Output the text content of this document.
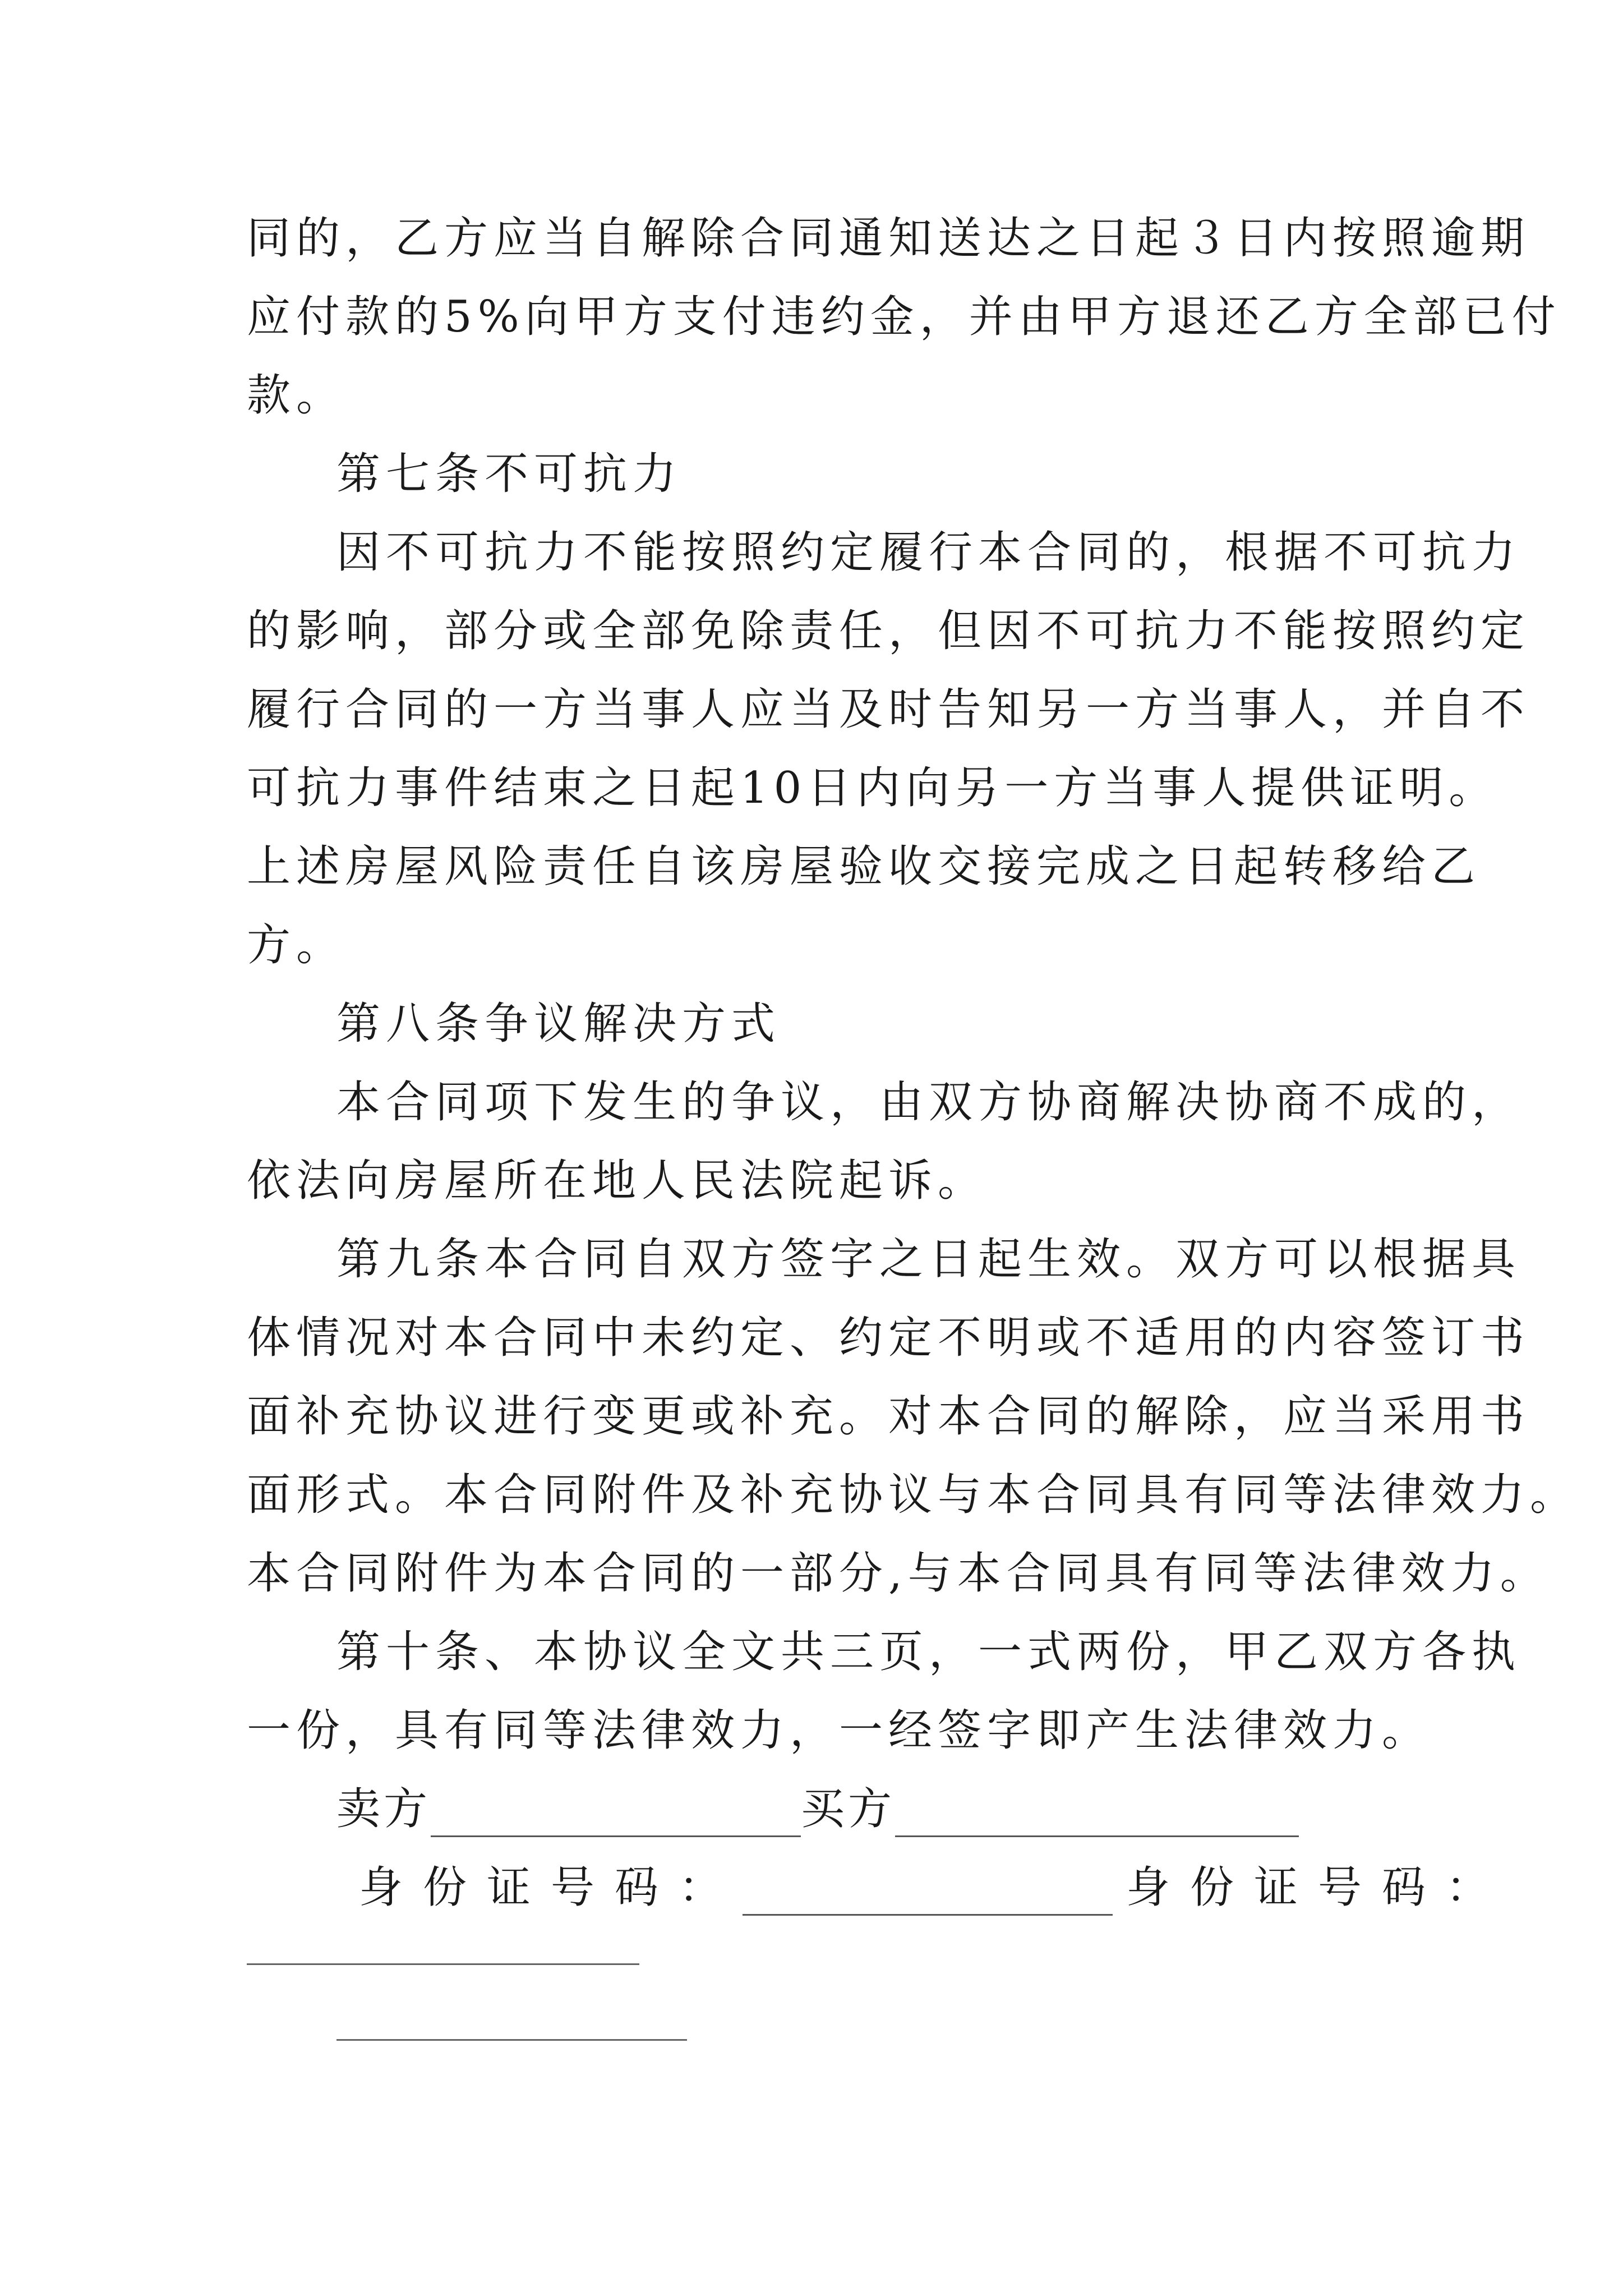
同的，乙方应当自解除合同通知送达之日起３日内按照逾期
应付款的5%向甲方支付违约金，并由甲方退还乙方全部已付
款。
第七条不可抗力
因不可抗力不能按照约定履行本合同的，根据不可抗力
的影响，部分或全部免除责任，但因不可抗力不能按照约定
履行合同的一方当事人应当及时告知另一方当事人，并自不
可抗力事件结束之日起10日内向另一方当事人提供证明。
上述房屋风险责任自该房屋验收交接完成之日起转移给乙
方。
第八条争议解决方式
本合同项下发生的争议，由双方协商解决协商不成的，
依法向房屋所在地人民法院起诉。
第九条本合同自双方签字之日起生效。双方可以根据具
体情况对本合同中未约定、约定不明或不适用的内容签订书
面补充协议进行变更或补充。对本合同的解除，应当采用书
面形式。本合同附件及补充协议与本合同具有同等法律效力。
本合同附件为本合同的一部分,与本合同具有同等法律效力。
第十条、本协议全文共三页，一式两份，甲乙双方各执
一份，具有同等法律效力，一经签字即产生法律效力。
卖方	买方
身份证号码：	身份证号码：
